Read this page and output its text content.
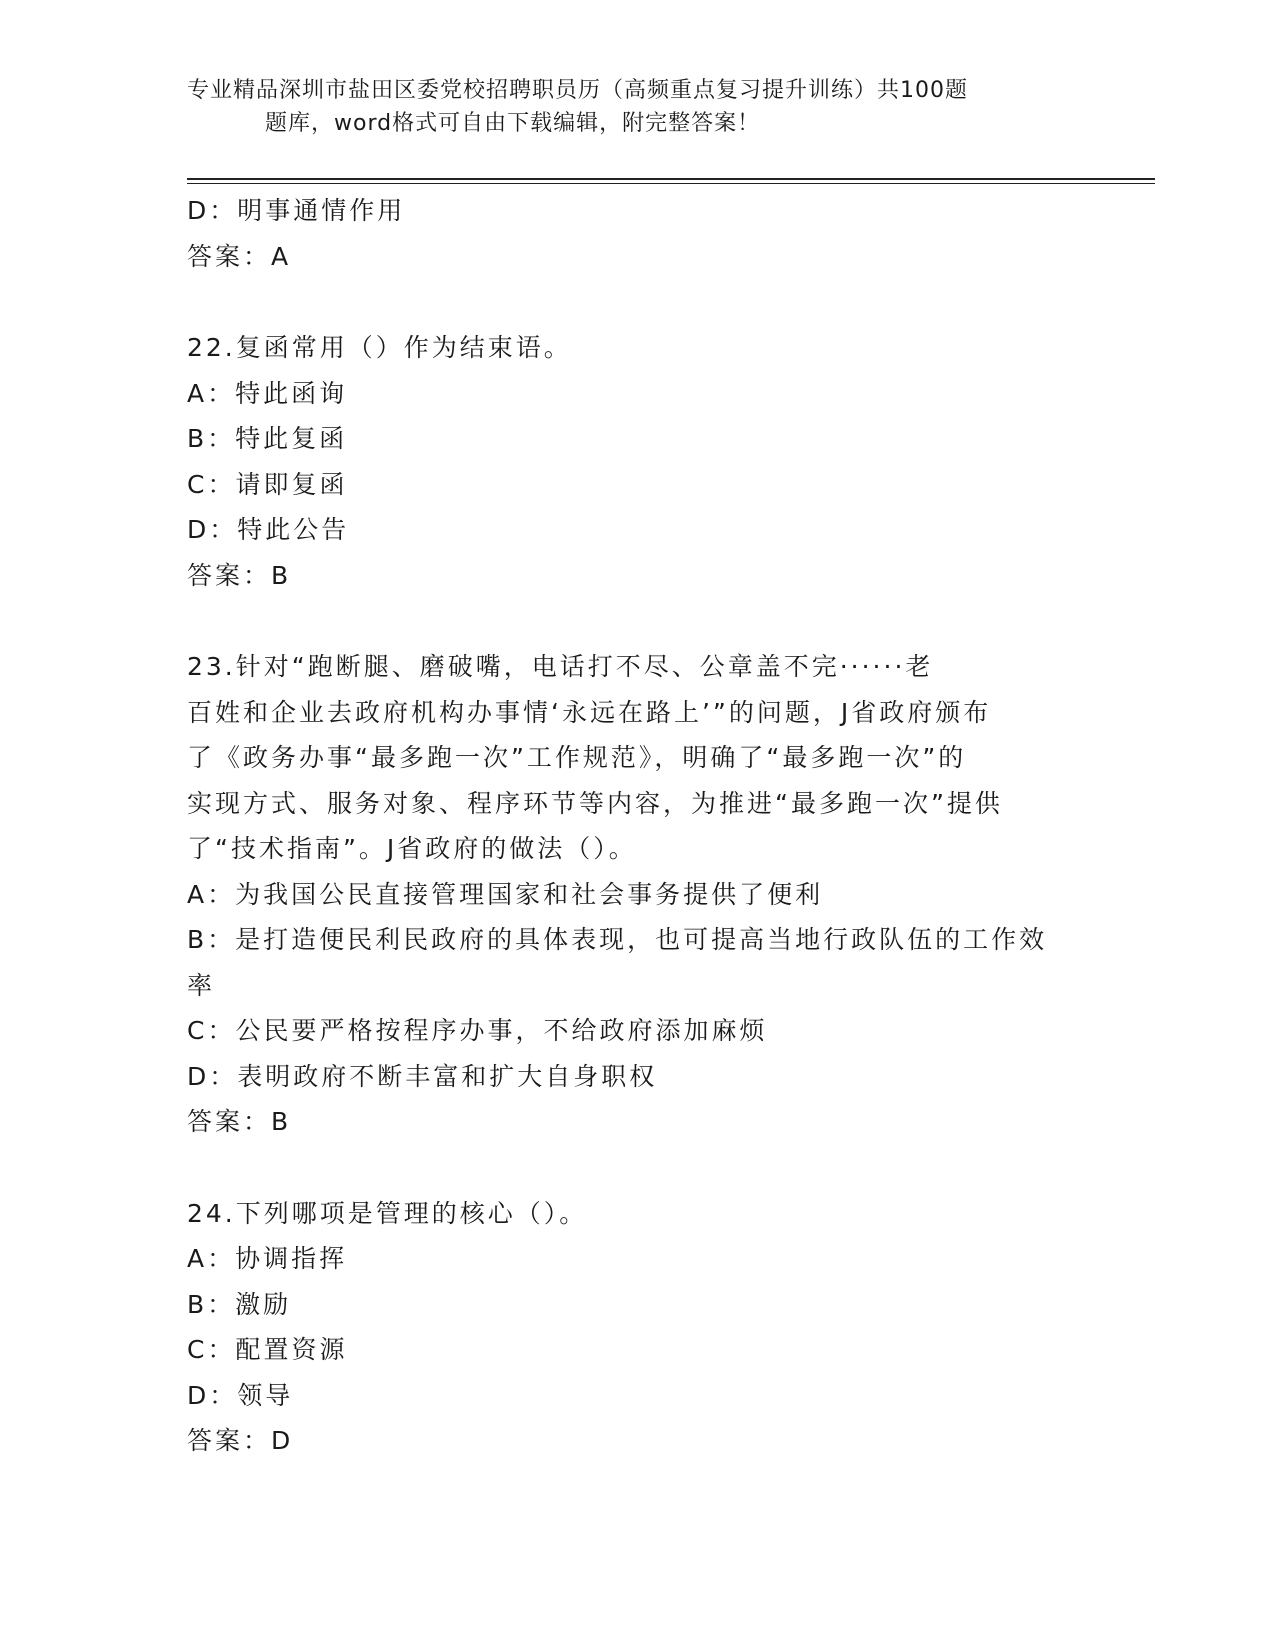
专业精品深圳市盐田区委党校招聘职员历（高频重点复习提升训练）共100题
题库，word格式可自由下载编辑，附完整答案！

D：明事通情作用

答案：A

22.复函常用（）作为结束语。

A：特此函询

B：特此复函

C：请即复函

D：特此公告

答案：B

23.针对“跑断腿、磨破嘴，电话打不尽、公章盖不完······老

百姓和企业去政府机构办事情‘永远在路上’”的问题，J省政府颁布

了《政务办事“最多跑一次”工作规范》，明确了“最多跑一次”的

实现方式、服务对象、程序环节等内容，为推进“最多跑一次”提供

了“技术指南”。J省政府的做法（）。

A：为我国公民直接管理国家和社会事务提供了便利

B：是打造便民利民政府的具体表现，也可提高当地行政队伍的工作效

率

C：公民要严格按程序办事，不给政府添加麻烦

D：表明政府不断丰富和扩大自身职权

答案：B

24.下列哪项是管理的核心（）。

A：协调指挥

B：激励

C：配置资源

D：领导

答案：D
